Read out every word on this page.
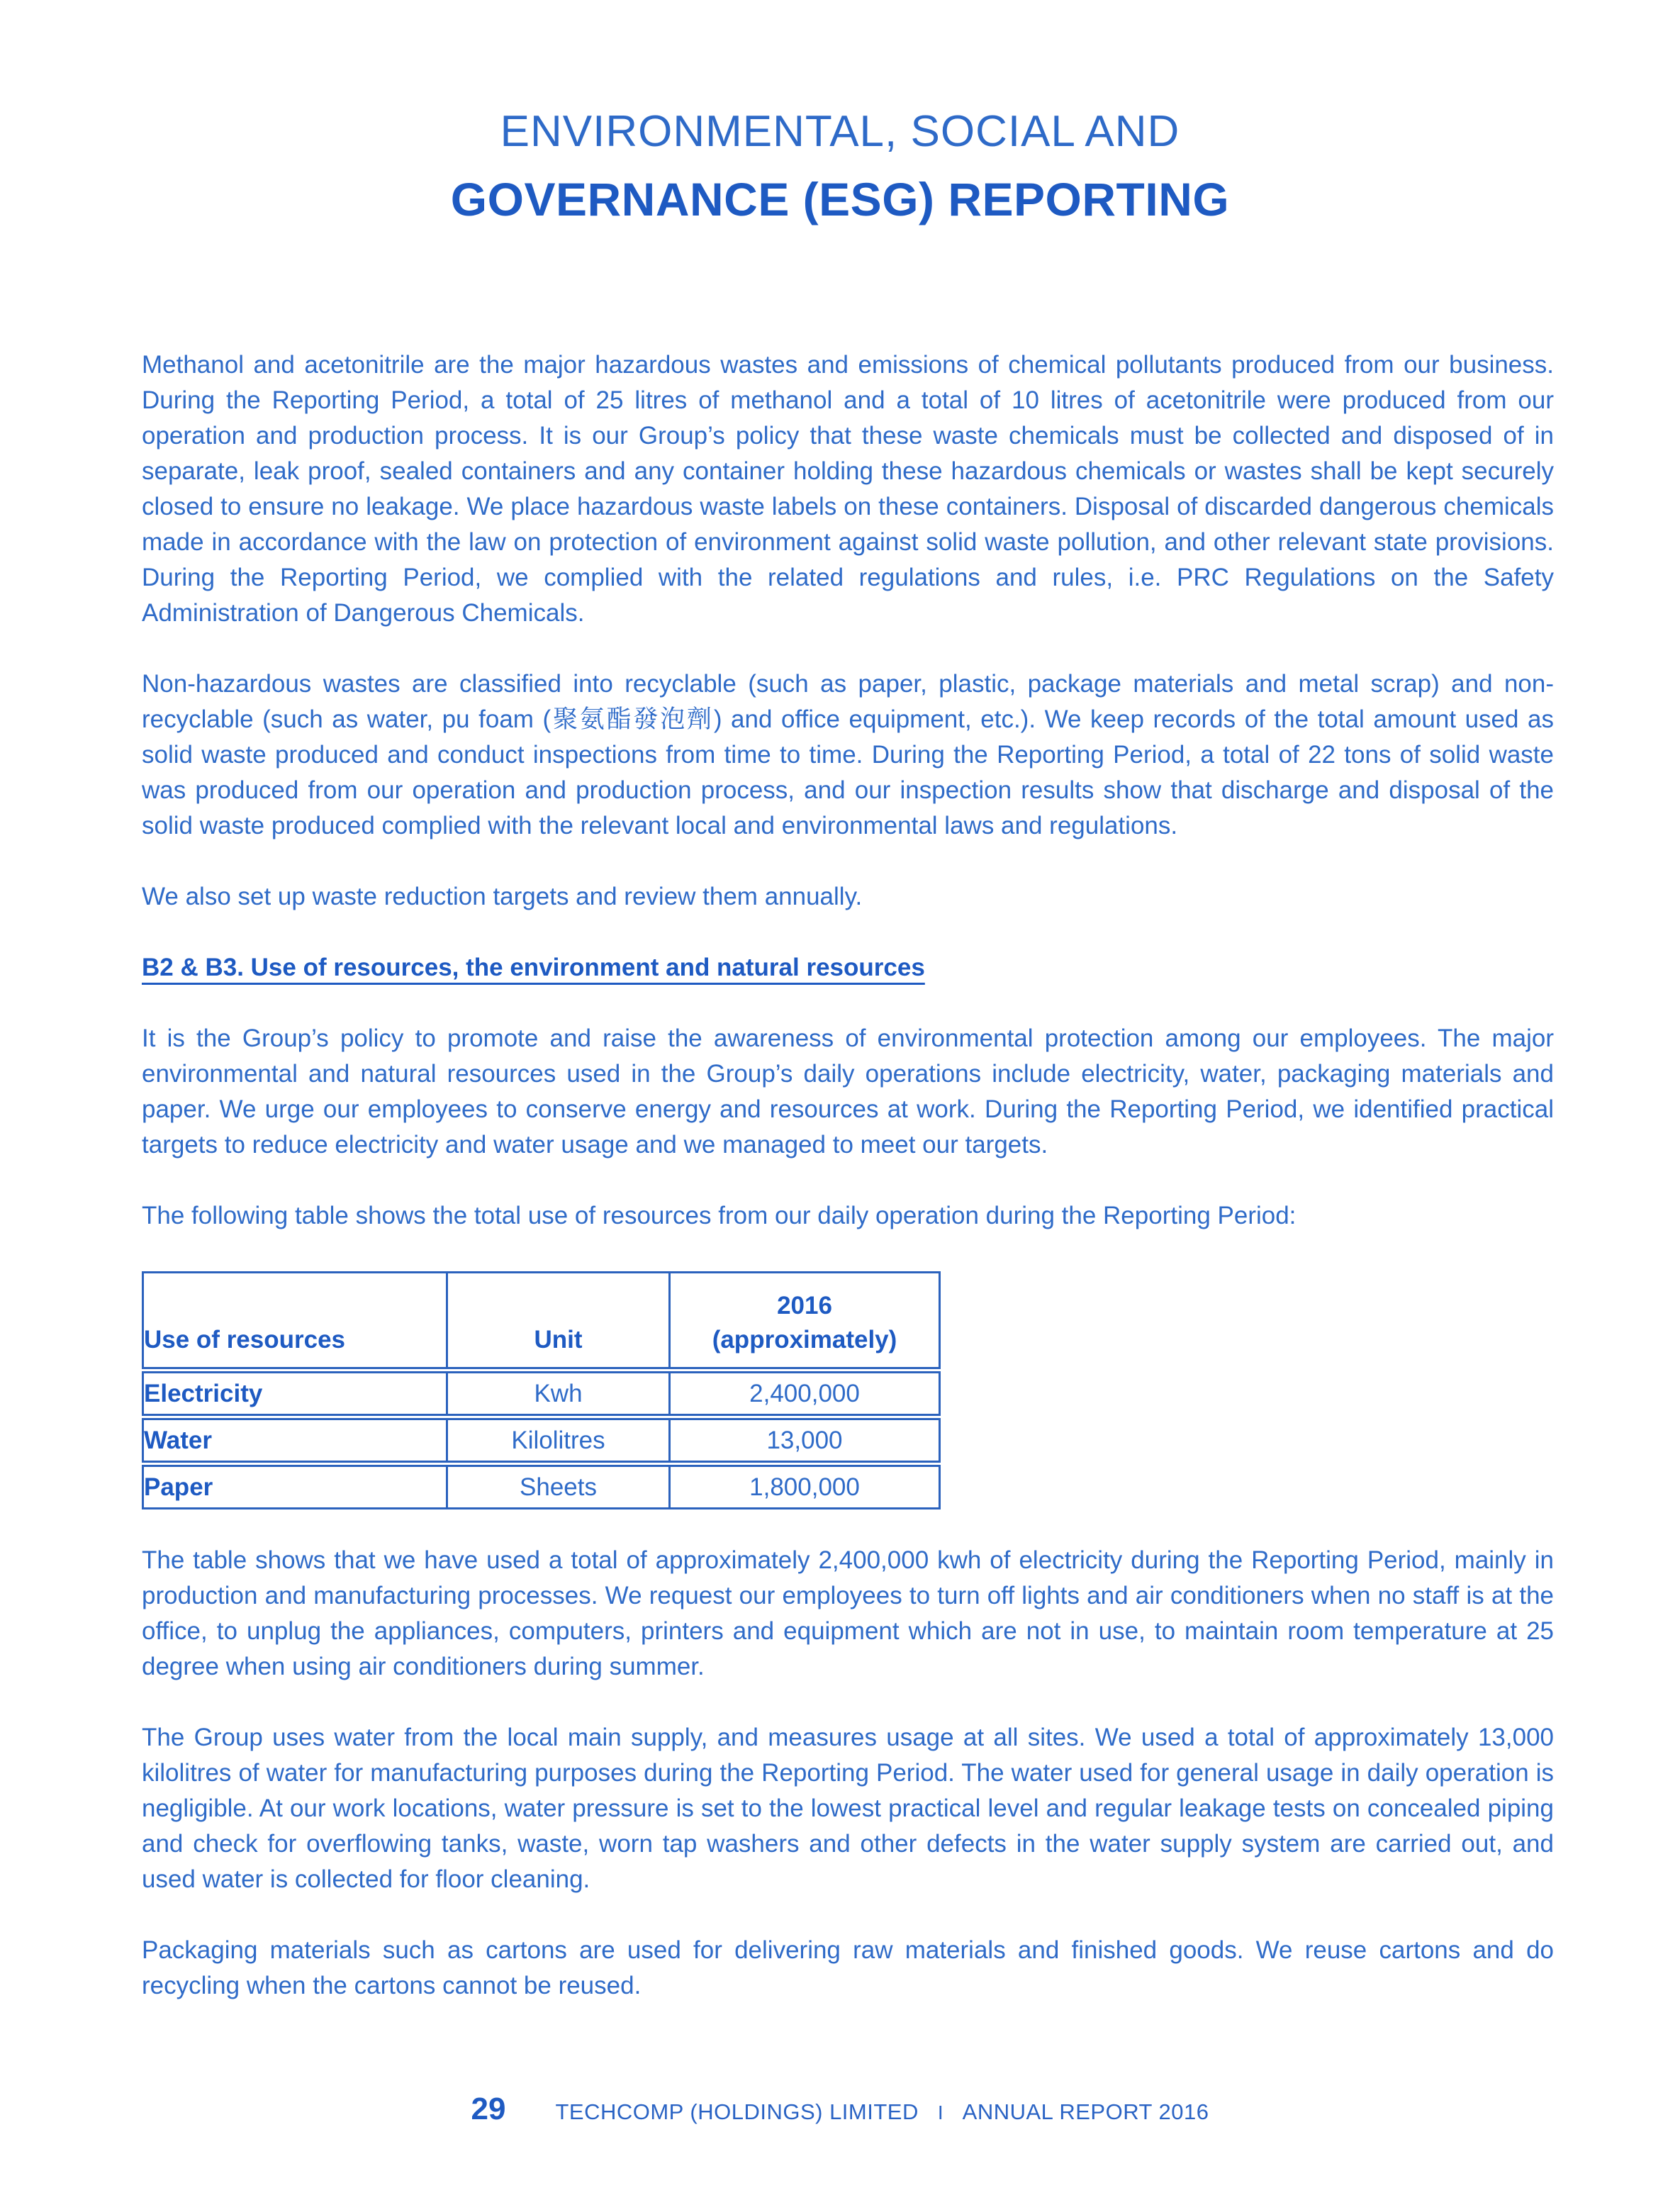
ENVIRONMENTAL, SOCIAL AND
GOVERNANCE (ESG) REPORTING

Methanol and acetonitrile are the major hazardous wastes and emissions of chemical pollutants produced from our business. During the Reporting Period, a total of 25 litres of methanol and a total of 10 litres of acetonitrile were produced from our operation and production process. It is our Group’s policy that these waste chemicals must be collected and disposed of in separate, leak proof, sealed containers and any container holding these hazardous chemicals or wastes shall be kept securely closed to ensure no leakage. We place hazardous waste labels on these containers. Disposal of discarded dangerous chemicals made in accordance with the law on protection of environment against solid waste pollution, and other relevant state provisions. During the Reporting Period, we complied with the related regulations and rules, i.e. PRC Regulations on the Safety Administration of Dangerous Chemicals.

Non-hazardous wastes are classified into recyclable (such as paper, plastic, package materials and metal scrap) and non-recyclable (such as water, pu foam (聚氨酯發泡劑) and office equipment, etc.). We keep records of the total amount used as solid waste produced and conduct inspections from time to time. During the Reporting Period, a total of 22 tons of solid waste was produced from our operation and production process, and our inspection results show that discharge and disposal of the solid waste produced complied with the relevant local and environmental laws and regulations.

We also set up waste reduction targets and review them annually.

B2 & B3. Use of resources, the environment and natural resources

It is the Group’s policy to promote and raise the awareness of environmental protection among our employees. The major environmental and natural resources used in the Group’s daily operations include electricity, water, packaging materials and paper. We urge our employees to conserve energy and resources at work. During the Reporting Period, we identified practical targets to reduce electricity and water usage and we managed to meet our targets.

The following table shows the total use of resources from our daily operation during the Reporting Period:

Use of resources	Unit	2016
(approximately)

Electricity	Kwh	2,400,000
Water	Kilolitres	13,000
Paper	Sheets	1,800,000

The table shows that we have used a total of approximately 2,400,000 kwh of electricity during the Reporting Period, mainly in production and manufacturing processes. We request our employees to turn off lights and air conditioners when no staff is at the office, to unplug the appliances, computers, printers and equipment which are not in use, to maintain room temperature at 25 degree when using air conditioners during summer.

The Group uses water from the local main supply, and measures usage at all sites. We used a total of approximately 13,000 kilolitres of water for manufacturing purposes during the Reporting Period. The water used for general usage in daily operation is negligible. At our work locations, water pressure is set to the lowest practical level and regular leakage tests on concealed piping and check for overflowing tanks, waste, worn tap washers and other defects in the water supply system are carried out, and used water is collected for floor cleaning.

Packaging materials such as cartons are used for delivering raw materials and finished goods. We reuse cartons and do recycling when the cartons cannot be reused.

29 TECHCOMP (HOLDINGS) LIMITED I ANNUAL REPORT 2016
